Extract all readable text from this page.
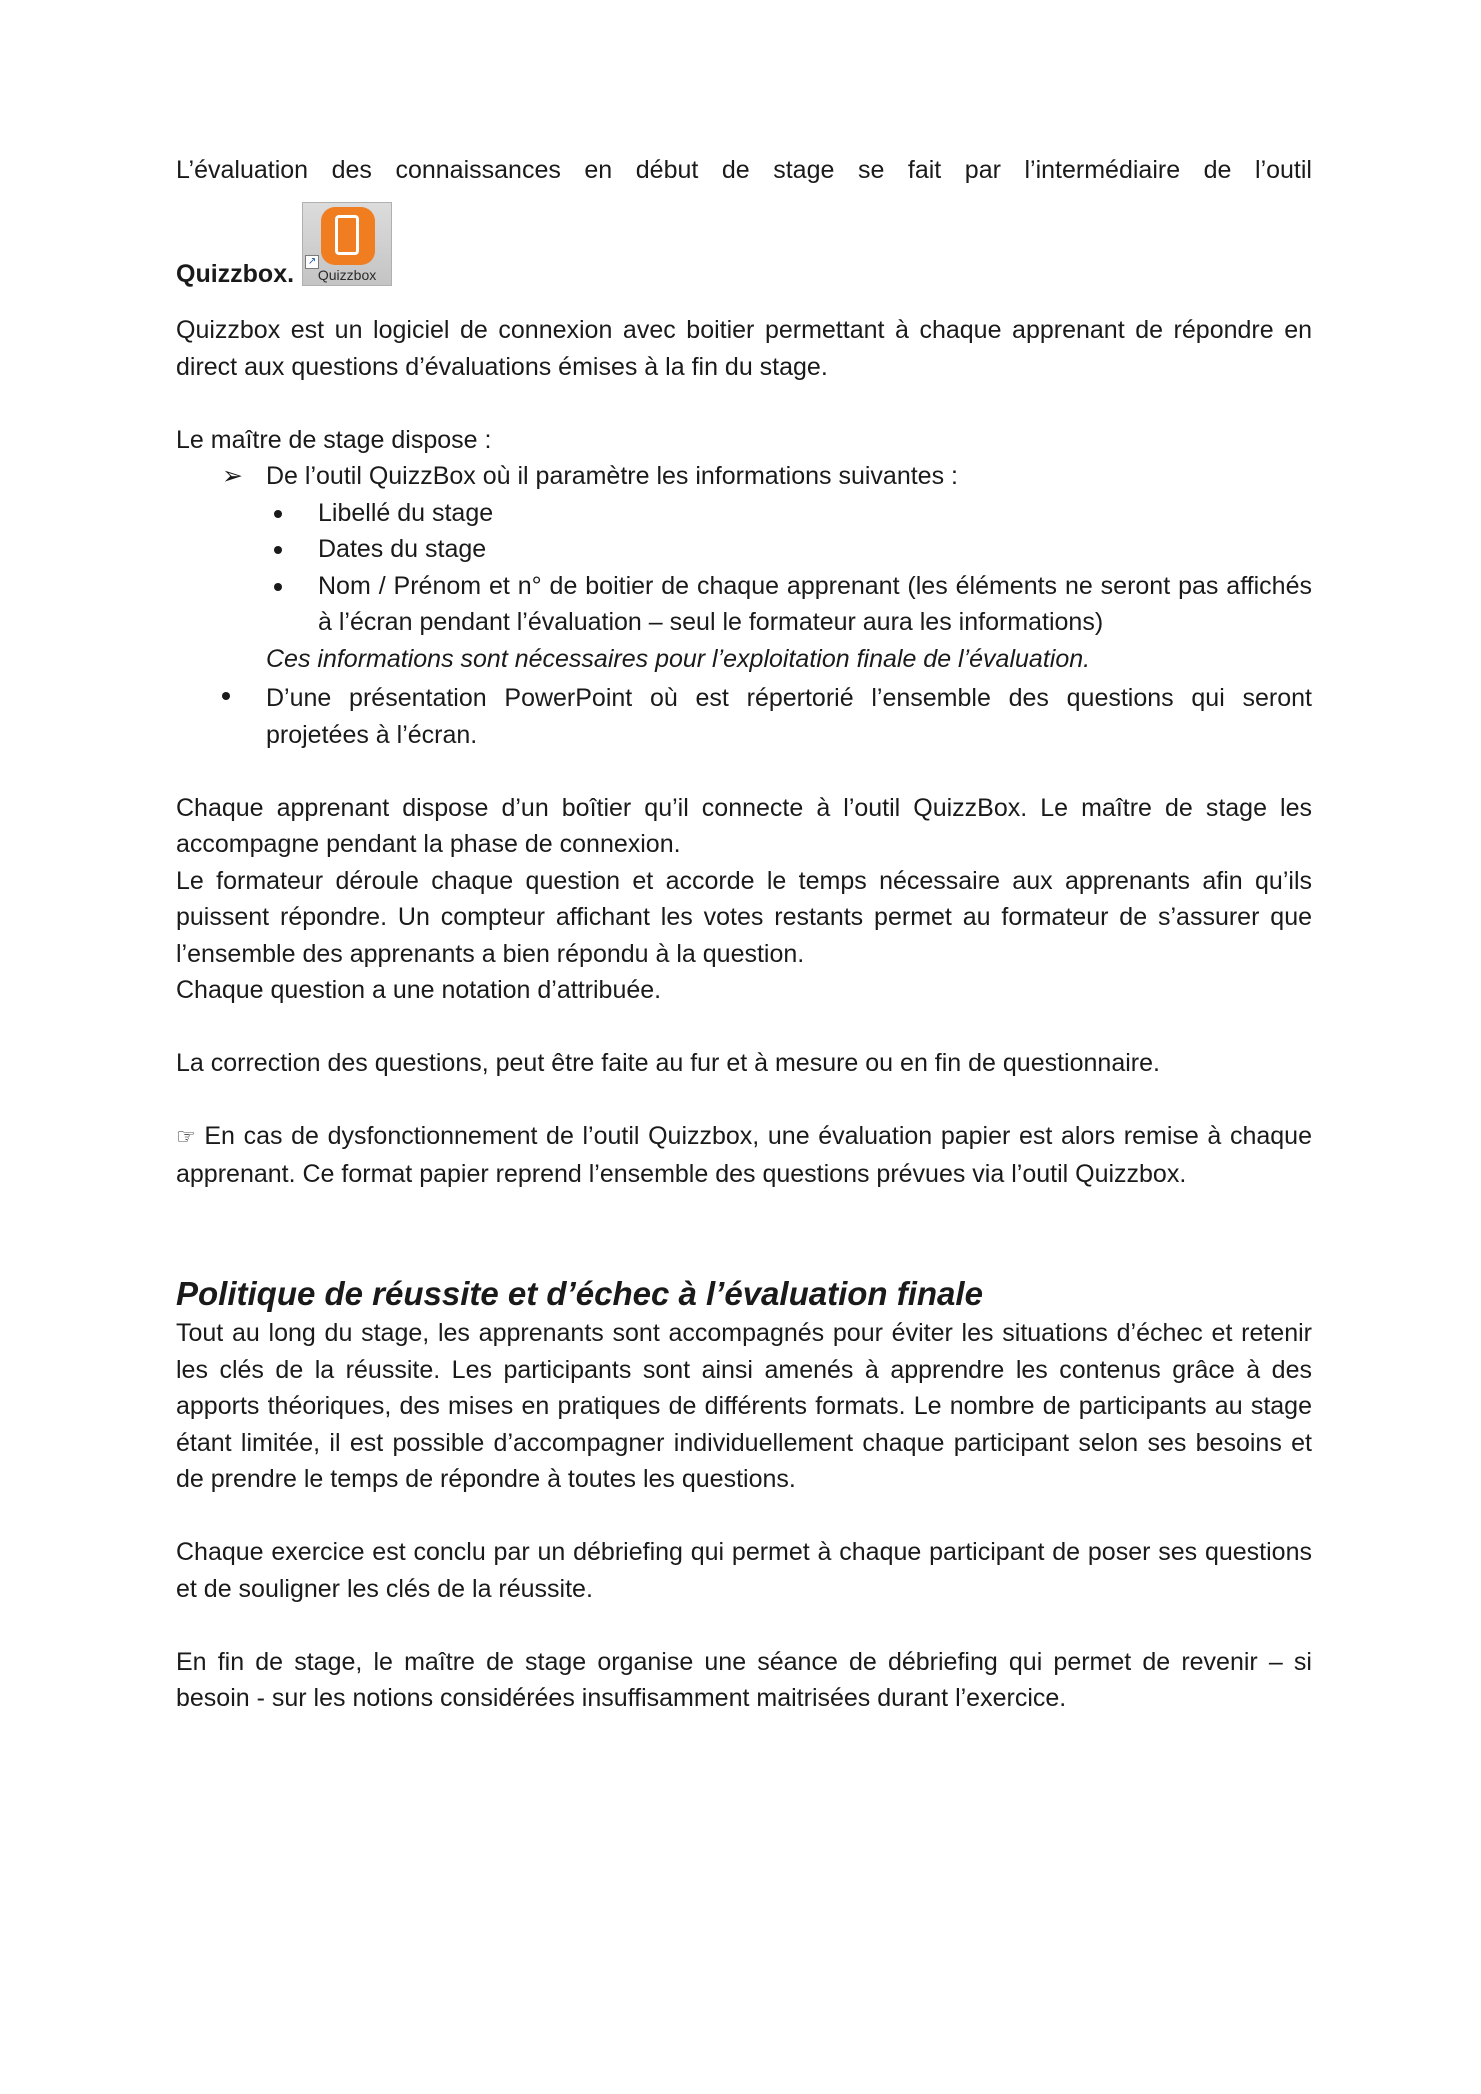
L’évaluation des connaissances en début de stage se fait par l’intermédiaire de l’outil

Quizzbox. ↗
Quizzbox

Quizzbox est un logiciel de connexion avec boitier permettant à chaque apprenant de répondre en direct aux questions d’évaluations émises à la fin du stage.

Le maître de stage dispose :

➢ De l’outil QuizzBox où il paramètre les informations suivantes :

Libellé du stage

Dates du stage

Nom / Prénom et n° de boitier de chaque apprenant (les éléments ne seront pas affichés à l’écran pendant l’évaluation – seul le formateur aura les informations)

Ces informations sont nécessaires pour l’exploitation finale de l’évaluation.

D’une présentation PowerPoint où est répertorié l’ensemble des questions qui seront projetées à l’écran.

Chaque apprenant dispose d’un boîtier qu’il connecte à l’outil QuizzBox. Le maître de stage les accompagne pendant la phase de connexion.

Le formateur déroule chaque question et accorde le temps nécessaire aux apprenants afin qu’ils puissent répondre. Un compteur affichant les votes restants permet au formateur de s’assurer que l’ensemble des apprenants a bien répondu à la question.

Chaque question a une notation d’attribuée.

La correction des questions, peut être faite au fur et à mesure ou en fin de questionnaire.

☞ En cas de dysfonctionnement de l’outil Quizzbox, une évaluation papier est alors remise à chaque apprenant. Ce format papier reprend l’ensemble des questions prévues via l’outil Quizzbox.

Politique de réussite et d’échec à l’évaluation finale

Tout au long du stage, les apprenants sont accompagnés pour éviter les situations d’échec et retenir les clés de la réussite. Les participants sont ainsi amenés à apprendre les contenus grâce à des apports théoriques, des mises en pratiques de différents formats. Le nombre de participants au stage étant limitée, il est possible d’accompagner individuellement chaque participant selon ses besoins et de prendre le temps de répondre à toutes les questions.

Chaque exercice est conclu par un débriefing qui permet à chaque participant de poser ses questions et de souligner les clés de la réussite.

En fin de stage, le maître de stage organise une séance de débriefing qui permet de revenir – si besoin - sur les notions considérées insuffisamment maitrisées durant l’exercice.
